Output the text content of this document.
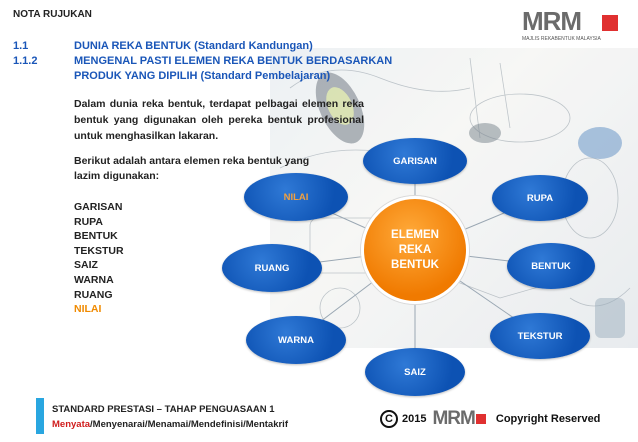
NOTA RUJUKAN	MRM
MAJLIS REKABENTUK MALAYSIA
1.1	DUNIA REKA BENTUK (Standard Kandungan)
1.1.2	MENGENAL PASTI ELEMEN REKA BENTUK BERDASARKAN
PRODUK YANG DIPILIH (Standard Pembelajaran)
Dalam dunia reka bentuk, terdapat pelbagai elemen reka bentuk yang digunakan oleh pereka bentuk profesional untuk menghasilkan lakaran.
Berikut adalah antara elemen reka bentuk yang lazim digunakan:
GARISAN
RUPA
BENTUK
TEKSTUR
SAIZ
WARNA
RUANG
NILAI
GARISAN
RUPA
BENTUK
TEKSTUR
SAIZ
WARNA
RUANG
NILAI
ELEMEN
REKA
BENTUK
STANDARD PRESTASI – TAHAP PENGUASAAN 1
Menyata/Menyenarai/Menamai/Mendefinisi/Mentakrif	C 2015 MRM Copyright Reserved
